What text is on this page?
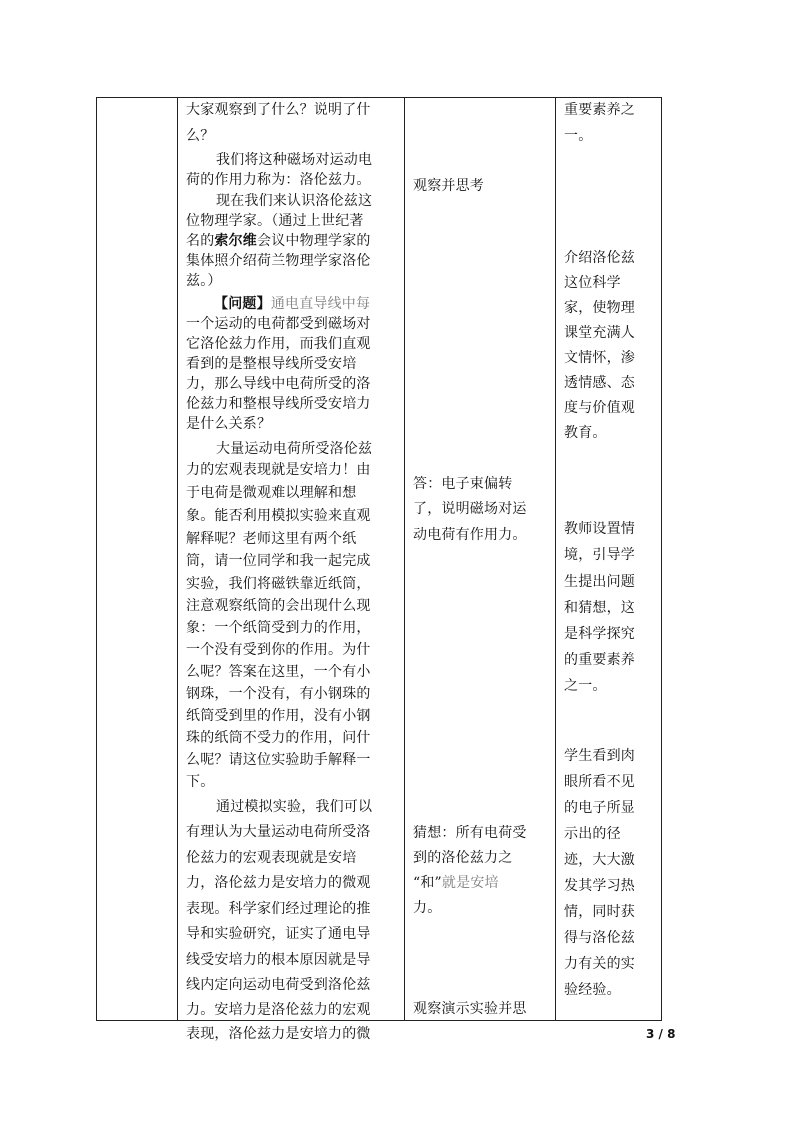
大家观察到了什么？说明了什
么？
我们将这种磁场对运动电
荷的作用力称为：洛伦兹力。
现在我们来认识洛伦兹这
位物理学家。（通过上世纪著
名的索尔维会议中物理学家的
集体照介绍荷兰物理学家洛伦
兹。）
【问题】通电直导线中每
一个运动的电荷都受到磁场对
它洛伦兹力作用，而我们直观
看到的是整根导线所受安培
力，那么导线中电荷所受的洛
伦兹力和整根导线所受安培力
是什么关系？
大量运动电荷所受洛伦兹
力的宏观表现就是安培力！由
于电荷是微观难以理解和想
象。能否利用模拟实验来直观
解释呢？老师这里有两个纸
筒，请一位同学和我一起完成
实验，我们将磁铁靠近纸筒，
注意观察纸筒的会出现什么现
象：一个纸筒受到力的作用，
一个没有受到你的作用。为什
么呢？答案在这里，一个有小
钢珠，一个没有，有小钢珠的
纸筒受到里的作用，没有小钢
珠的纸筒不受力的作用，问什
么呢？请这位实验助手解释一
下。
通过模拟实验，我们可以
有理认为大量运动电荷所受洛
伦兹力的宏观表现就是安培
力，洛伦兹力是安培力的微观
表现。科学家们经过理论的推
导和实验研究，证实了通电导
线受安培力的根本原因就是导
线内定向运动电荷受到洛伦兹
力。安培力是洛伦兹力的宏观
表现，洛伦兹力是安培力的微
观察并思考
答：电子束偏转
了，说明磁场对运
动电荷有作用力。
猜想：所有电荷受
到的洛伦兹力之
“和”就是安培
力。
观察演示实验并思
重要素养之
一。
介绍洛伦兹
这位科学
家，使物理
课堂充满人
文情怀，渗
透情感、态
度与价值观
教育。
教师设置情
境，引导学
生提出问题
和猜想，这
是科学探究
的重要素养
之一。
学生看到肉
眼所看不见
的电子所显
示出的径
迹，大大激
发其学习热
情，同时获
得与洛伦兹
力有关的实
验经验。
3 / 8
